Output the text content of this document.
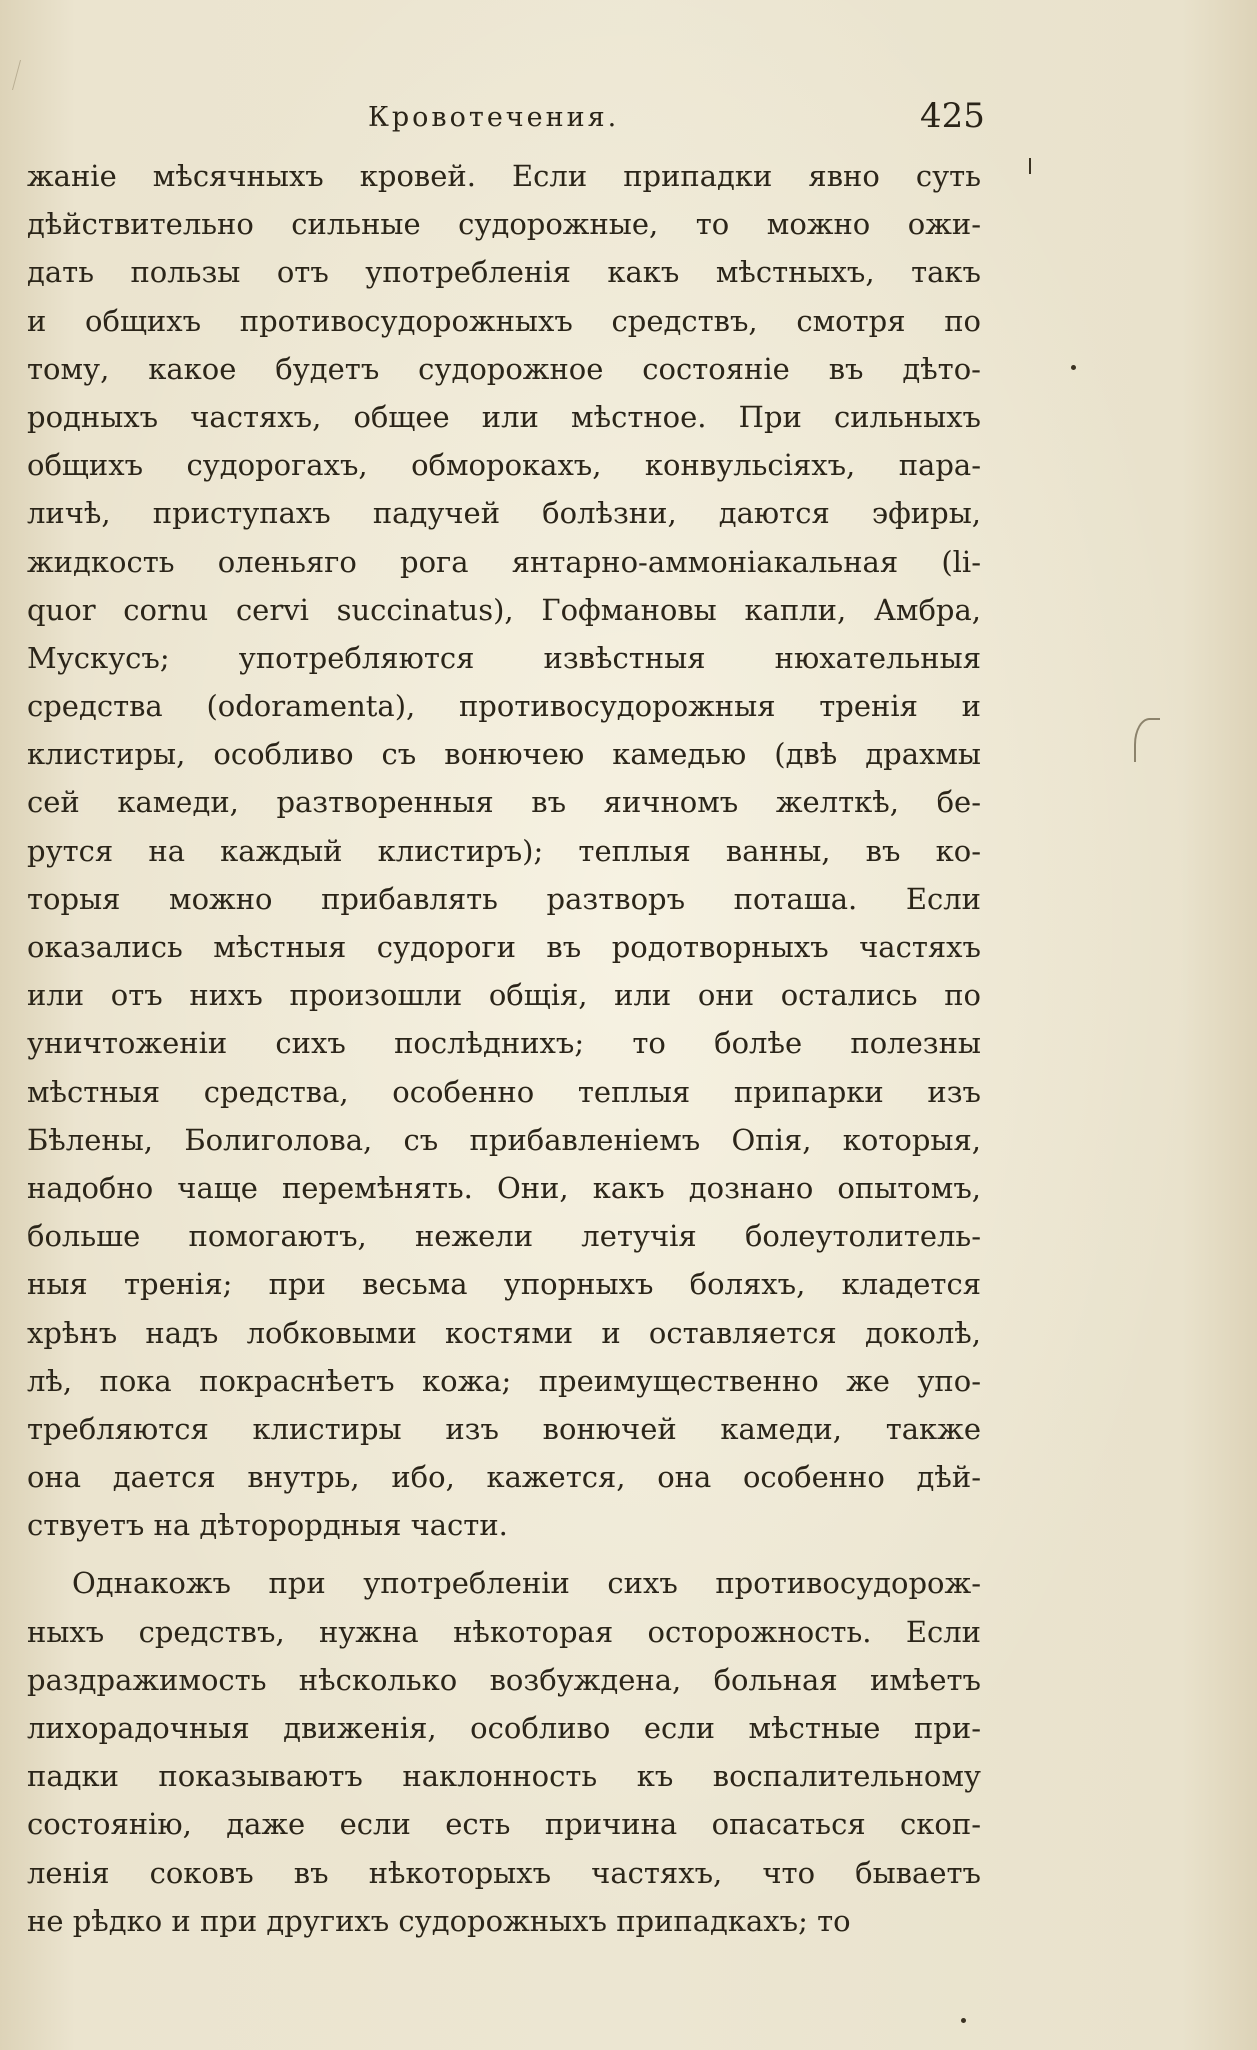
Кровотечения.	425
жаніе мѣсячныхъ кровей. Если припадки явно суть
дѣйствительно сильные судорожные, то можно ожи-
дать пользы отъ употребленія какъ мѣстныхъ, такъ
и общихъ противосудорожныхъ средствъ, смотря по
тому, какое будетъ судорожное состояніе въ дѣто-
родныхъ частяхъ, общее или мѣстное. При сильныхъ
общихъ судорогахъ, обморокахъ, конвульсіяхъ, пара-
личѣ, приступахъ падучей болѣзни, даются эфиры,
жидкость оленьяго рога янтарно-аммоніакальная (li-
quor cornu cervi succinatus), Гофмановы капли, Амбра,
Мускусъ; употребляются извѣстныя нюхательныя
средства (odoramenta), противосудорожныя тренія и
клистиры, особливо съ вонючею камедью (двѣ драхмы
сей камеди, разтворенныя въ яичномъ желткѣ, бе-
рутся на каждый клистиръ); теплыя ванны, въ ко-
торыя можно прибавлять разтворъ поташа. Если
оказались мѣстныя судороги въ родотворныхъ частяхъ
или отъ нихъ произошли общія, или они остались по
уничтоженіи сихъ послѣднихъ; то болѣе полезны
мѣстныя средства, особенно теплыя припарки изъ
Бѣлены, Болиголова, съ прибавленіемъ Опія, которыя,
надобно чаще перемѣнять. Они, какъ дознано опытомъ,
больше помогаютъ, нежели летучія болеутолитель-
ныя тренія; при весьма упорныхъ боляхъ, кладется
хрѣнъ надъ лобковыми костями и оставляется доколѣ,
лѣ, пока покраснѣетъ кожа; преимущественно же упо-
требляются клистиры изъ вонючей камеди, также
она дается внутрь, ибо, кажется, она особенно дѣй-
ствуетъ на дѣторордныя части.
Однакожъ при употребленіи сихъ противосудорож-
ныхъ средствъ, нужна нѣкоторая осторожность. Если
раздражимость нѣсколько возбуждена, больная имѣетъ
лихорадочныя движенія, особливо если мѣстные при-
падки показываютъ наклонность къ воспалительному
состоянію, даже если есть причина опасаться скоп-
ленія соковъ въ нѣкоторыхъ частяхъ, что бываетъ
не рѣдко и при другихъ судорожныхъ припадкахъ; то
